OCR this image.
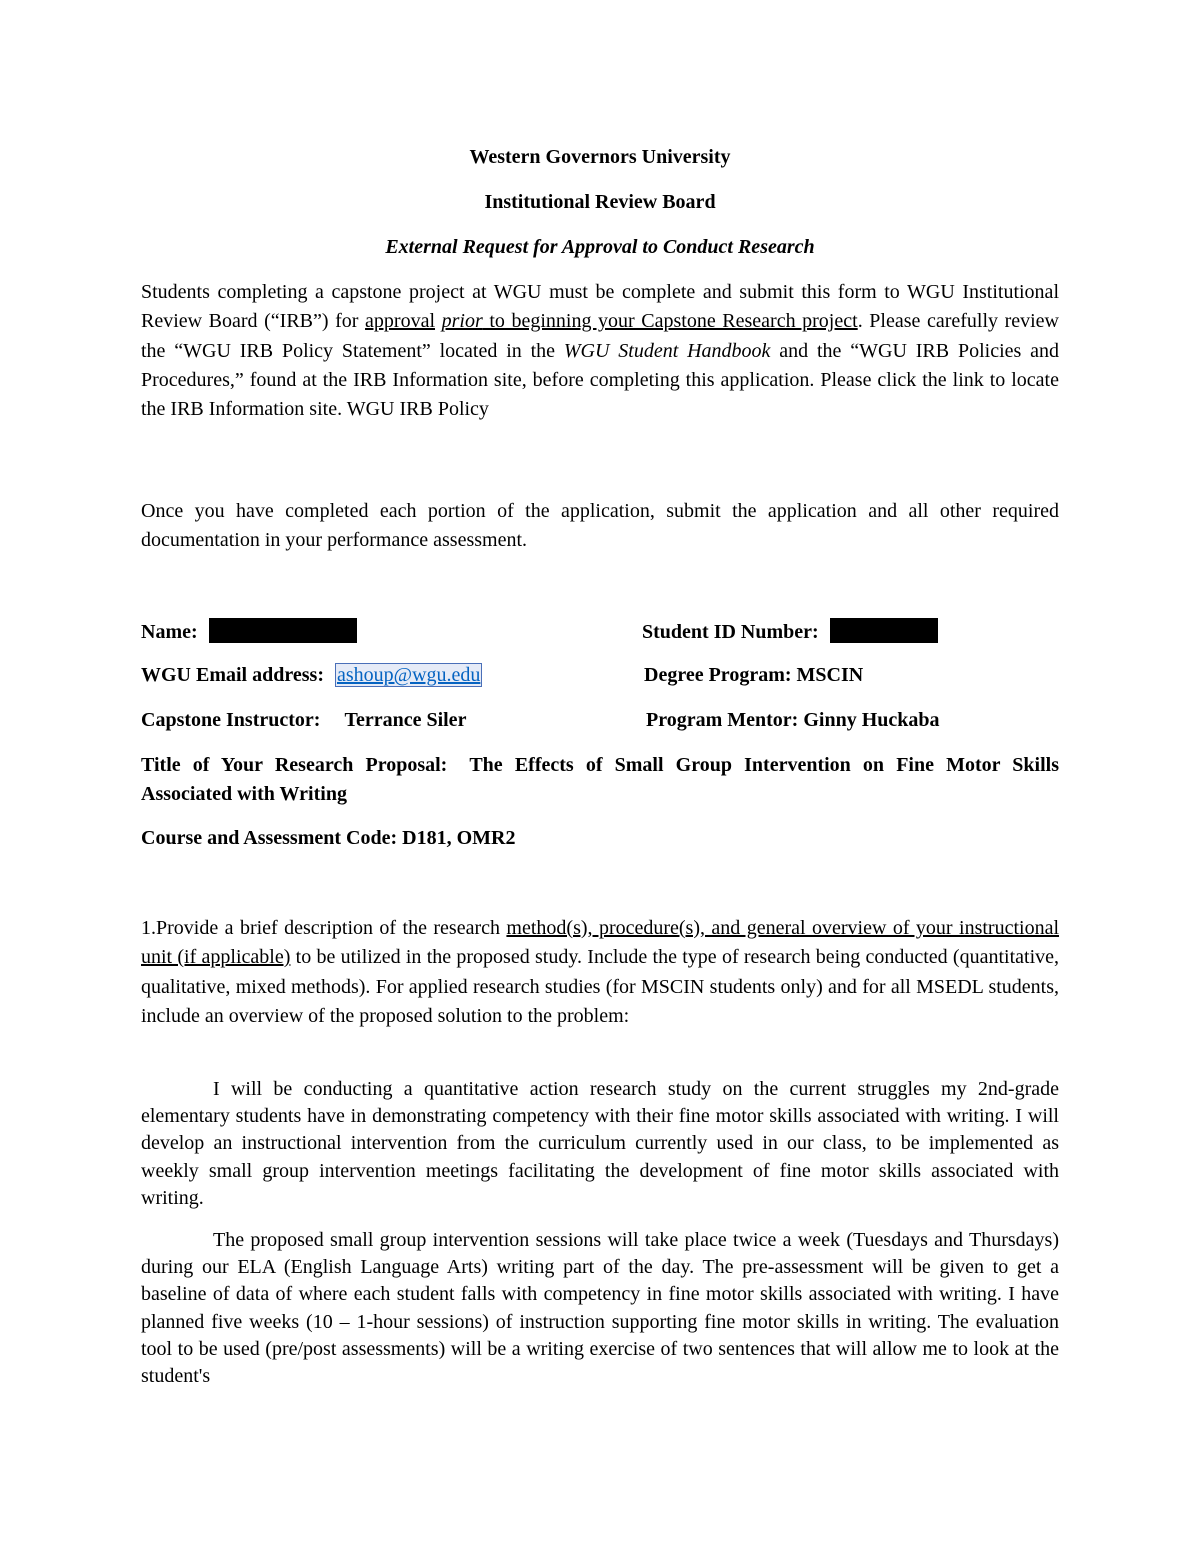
Western Governors University
Institutional Review Board
External Request for Approval to Conduct Research
Students completing a capstone project at WGU must be complete and submit this form to WGU Institutional Review Board (“IRB”) for approval prior to beginning your Capstone Research project. Please carefully review the “WGU IRB Policy Statement” located in the WGU Student Handbook and the “WGU IRB Policies and Procedures,” found at the IRB Information site, before completing this application. Please click the link to locate the IRB Information site. WGU IRB Policy
Once you have completed each portion of the application, submit the application and all other required documentation in your performance assessment.
Name:	Student ID Number:
WGU Email address: ashoup@wgu.edu	Degree Program: MSCIN
Capstone Instructor: Terrance Siler	Program Mentor: Ginny Huckaba
Title of Your Research Proposal: The Effects of Small Group Intervention on Fine Motor Skills Associated with Writing
Course and Assessment Code: D181, OMR2
1.Provide a brief description of the research method(s), procedure(s), and general overview of your instructional unit (if applicable) to be utilized in the proposed study. Include the type of research being conducted (quantitative, qualitative, mixed methods). For applied research studies (for MSCIN students only) and for all MSEDL students, include an overview of the proposed solution to the problem:
I will be conducting a quantitative action research study on the current struggles my 2nd-grade elementary students have in demonstrating competency with their fine motor skills associated with writing. I will develop an instructional intervention from the curriculum currently used in our class, to be implemented as weekly small group intervention meetings facilitating the development of fine motor skills associated with writing.
The proposed small group intervention sessions will take place twice a week (Tuesdays and Thursdays) during our ELA (English Language Arts) writing part of the day. The pre-assessment will be given to get a baseline of data of where each student falls with competency in fine motor skills associated with writing. I have planned five weeks (10 – 1-hour sessions) of instruction supporting fine motor skills in writing. The evaluation tool to be used (pre/post assessments) will be a writing exercise of two sentences that will allow me to look at the student's
